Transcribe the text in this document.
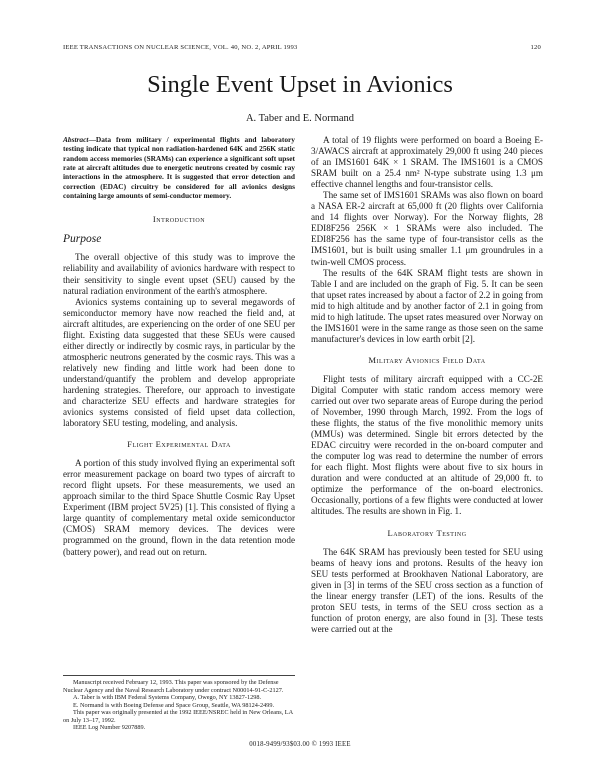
IEEE TRANSACTIONS ON NUCLEAR SCIENCE, VOL. 40, NO. 2, APRIL 1993	120
Single Event Upset in Avionics
A. Taber and E. Normand
Abstract—Data from military / experimental flights and laboratory testing indicate that typical non radiation-hardened 64K and 256K static random access memories (SRAMs) can experience a significant soft upset rate at aircraft altitudes due to energetic neutrons created by cosmic ray interactions in the atmosphere. It is suggested that error detection and correction (EDAC) circuitry be considered for all avionics designs containing large amounts of semi-conductor memory.
Introduction
Purpose

The overall objective of this study was to improve the reliability and availability of avionics hardware with respect to their sensitivity to single event upset (SEU) caused by the natural radiation environment of the earth's atmosphere.

Avionics systems containing up to several megawords of semiconductor memory have now reached the field and, at aircraft altitudes, are experiencing on the order of one SEU per flight. Existing data suggested that these SEUs were caused either directly or indirectly by cosmic rays, in particular by the atmospheric neutrons generated by the cosmic rays. This was a relatively new finding and little work had been done to understand/quantify the problem and develop appropriate hardening strategies. Therefore, our approach to investigate and characterize SEU effects and hardware strategies for avionics systems consisted of field upset data collection, laboratory SEU testing, modeling, and analysis.

Flight Experimental Data

A portion of this study involved flying an experimental soft error measurement package on board two types of aircraft to record flight upsets. For these measurements, we used an approach similar to the third Space Shuttle Cosmic Ray Upset Experiment (IBM project 5V25) [1]. This consisted of flying a large quantity of complementary metal oxide semiconductor (CMOS) SRAM memory devices. The devices were programmed on the ground, flown in the data retention mode (battery power), and read out on return.

A total of 19 flights were performed on board a Boeing E-3/AWACS aircraft at approximately 29,000 ft using 240 pieces of an IMS1601 64K × 1 SRAM. The IMS1601 is a CMOS SRAM built on a 25.4 nm² N-type substrate using 1.3 μm effective channel lengths and four-transistor cells.

The same set of IMS1601 SRAMs was also flown on board a NASA ER-2 aircraft at 65,000 ft (20 flights over California and 14 flights over Norway). For the Norway flights, 28 EDI8F256 256K × 1 SRAMs were also included. The EDI8F256 has the same type of four-transistor cells as the IMS1601, but is built using smaller 1.1 μm groundrules in a twin-well CMOS process.

The results of the 64K SRAM flight tests are shown in Table I and are included on the graph of Fig. 5. It can be seen that upset rates increased by about a factor of 2.2 in going from mid to high altitude and by another factor of 2.1 in going from mid to high latitude. The upset rates measured over Norway on the IMS1601 were in the same range as those seen on the same manufacturer's devices in low earth orbit [2].

Military Avionics Field Data

Flight tests of military aircraft equipped with a CC-2E Digital Computer with static random access memory were carried out over two separate areas of Europe during the period of November, 1990 through March, 1992. From the logs of these flights, the status of the five monolithic memory units (MMUs) was determined. Single bit errors detected by the EDAC circuitry were recorded in the on-board computer and the computer log was read to determine the number of errors for each flight. Most flights were about five to six hours in duration and were conducted at an altitude of 29,000 ft. to optimize the performance of the on-board electronics. Occasionally, portions of a few flights were conducted at lower altitudes. The results are shown in Fig. 1.

Laboratory Testing

The 64K SRAM has previously been tested for SEU using beams of heavy ions and protons. Results of the heavy ion SEU tests performed at Brookhaven National Laboratory, are given in [3] in terms of the SEU cross section as a function of the linear energy transfer (LET) of the ions. Results of the proton SEU tests, in terms of the SEU cross section as a function of proton energy, are also found in [3]. These tests were carried out at the

Manuscript received February 12, 1993. This paper was sponsored by the Defense Nuclear Agency and the Naval Research Laboratory under contract N00014-91-C-2127.

A. Taber is with IBM Federal Systems Company, Owego, NY 13827-1298.

E. Normand is with Boeing Defense and Space Group, Seattle, WA 98124-2499.

This paper was originally presented at the 1992 IEEE/NSREC held in New Orleans, LA on July 13–17, 1992.

IEEE Log Number 9207889.

0018-9499/93$03.00 © 1993 IEEE
